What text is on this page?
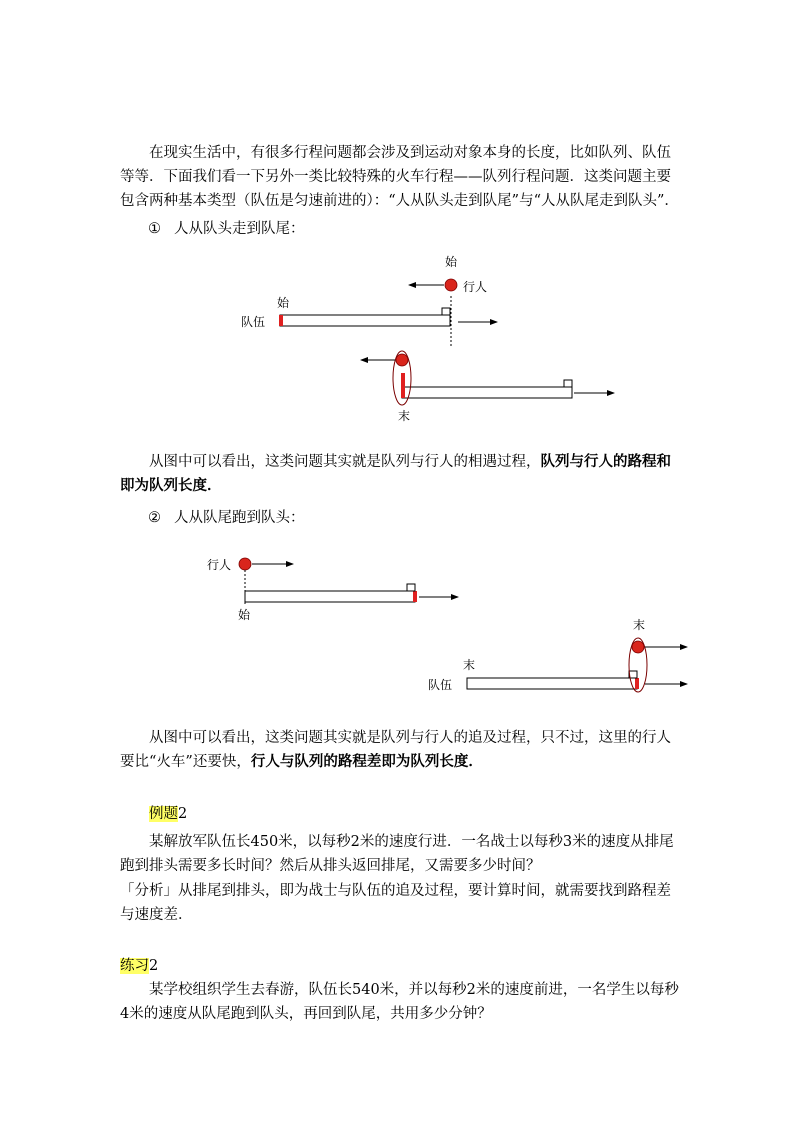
在现实生活中，有很多行程问题都会涉及到运动对象本身的长度，比如队列、队伍等等．下面我们看一下另外一类比较特殊的火车行程——队列行程问题．这类问题主要包含两种基本类型（队伍是匀速前进的）：“人从队头走到队尾”与“人从队尾走到队头”．

① 人从队头走到队尾：

始
行人
始
队伍
末

从图中可以看出，这类问题其实就是队列与行人的相遇过程，队列与行人的路程和即为队列长度．

② 人从队尾跑到队头：

行人
始
末
末
队伍

从图中可以看出，这类问题其实就是队列与行人的追及过程，只不过，这里的行人要比“火车”还要快，行人与队列的路程差即为队列长度．

例题2

某解放军队伍长450米，以每秒2米的速度行进．一名战士以每秒3米的速度从排尾跑到排头需要多长时间？然后从排头返回排尾，又需要多少时间？

「分析」从排尾到排头，即为战士与队伍的追及过程，要计算时间，就需要找到路程差与速度差．

练习2

某学校组织学生去春游，队伍长540米，并以每秒2米的速度前进，一名学生以每秒4米的速度从队尾跑到队头，再回到队尾，共用多少分钟？
